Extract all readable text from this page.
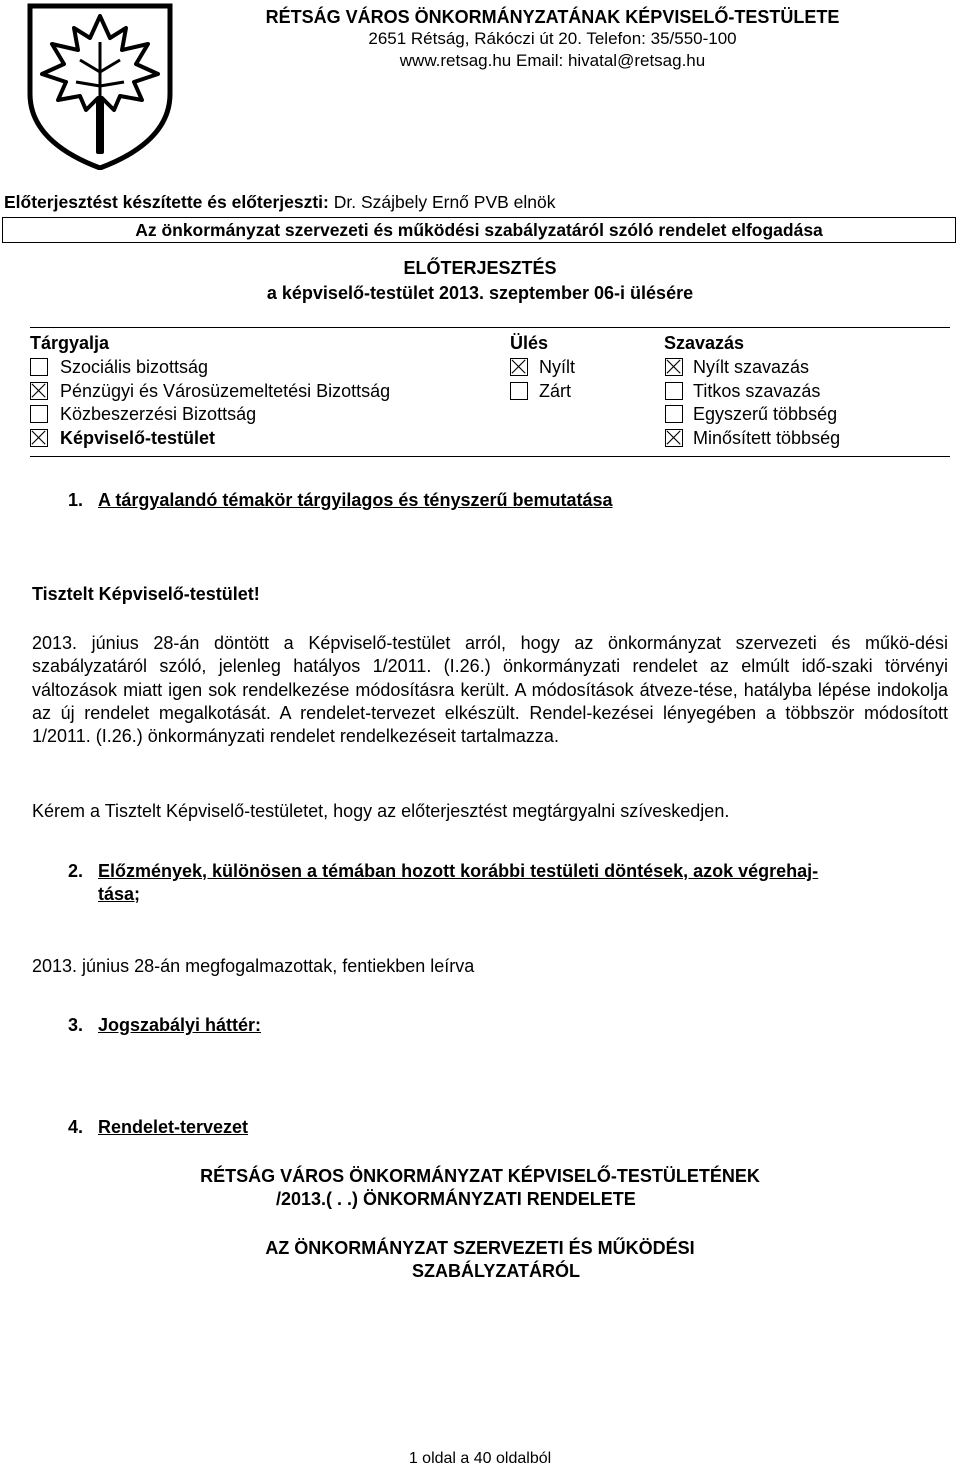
RÉTSÁG VÁROS ÖNKORMÁNYZATÁNAK KÉPVISELŐ-TESTÜLETE
2651 Rétság, Rákóczi út 20. Telefon: 35/550-100
www.retsag.hu Email: hivatal@retsag.hu
Előterjesztést készítette és előterjeszti: Dr. Szájbely Ernő PVB elnök
Az önkormányzat szervezeti és működési szabályzatáról szóló rendelet elfogadása
ELŐTERJESZTÉS
a képviselő-testület 2013. szeptember 06-i ülésére
Tárgyalja	Ülés	Szavazás
Szociális bizottság
Pénzügyi és Városüzemeltetési Bizottság
Közbeszerzési Bizottság
Képviselő-testület
Nyílt
Zárt
Nyílt szavazás
Titkos szavazás
Egyszerű többség
Minősített többség
1. A tárgyalandó témakör tárgyilagos és tényszerű bemutatása
Tisztelt Képviselő-testület!
2013. június 28-án döntött a Képviselő-testület arról, hogy az önkormányzat szervezeti és műkö-dési szabályzatáról szóló, jelenleg hatályos 1/2011. (I.26.) önkormányzati rendelet az elmúlt idő-szaki törvényi változások miatt igen sok rendelkezése módosításra került. A módosítások átveze-tése, hatályba lépése indokolja az új rendelet megalkotását. A rendelet-tervezet elkészült. Rendel-kezései lényegében a többször módosított 1/2011. (I.26.) önkormányzati rendelet rendelkezéseit tartalmazza.
Kérem a Tisztelt Képviselő-testületet, hogy az előterjesztést megtárgyalni szíveskedjen.
2. Előzmények, különösen a témában hozott korábbi testületi döntések, azok végrehaj-
tása;
2013. június 28-án megfogalmazottak, fentiekben leírva
3. Jogszabályi háttér:
4. Rendelet-tervezet
RÉTSÁG VÁROS ÖNKORMÁNYZAT KÉPVISELŐ-TESTÜLETÉNEK
/2013.( . .) ÖNKORMÁNYZATI RENDELETE
AZ ÖNKORMÁNYZAT SZERVEZETI ÉS MŰKÖDÉSI
SZABÁLYZATÁRÓL
1 oldal a 40 oldalból
